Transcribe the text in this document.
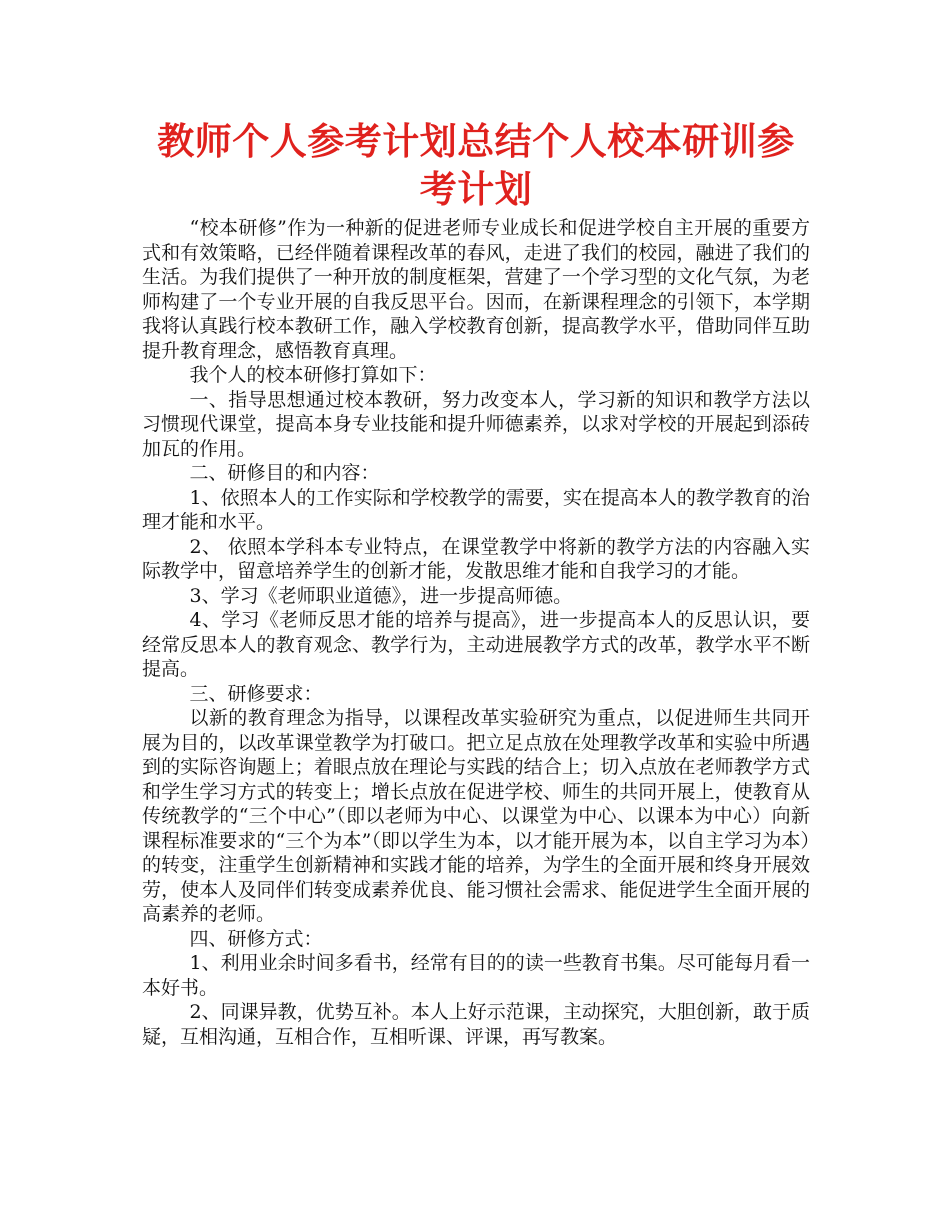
教师个人参考计划总结个人校本研训参考计划

“校本研修”作为一种新的促进老师专业成长和促进学校自主开展的重要方式和有效策略，已经伴随着课程改革的春风，走进了我们的校园，融进了我们的生活。为我们提供了一种开放的制度框架，营建了一个学习型的文化气氛，为老师构建了一个专业开展的自我反思平台。因而，在新课程理念的引领下，本学期我将认真践行校本教研工作，融入学校教育创新，提高教学水平，借助同伴互助提升教育理念，感悟教育真理。

我个人的校本研修打算如下：

一、指导思想通过校本教研，努力改变本人，学习新的知识和教学方法以习惯现代课堂，提高本身专业技能和提升师德素养，以求对学校的开展起到添砖加瓦的作用。

二、研修目的和内容：

1、依照本人的工作实际和学校教学的需要，实在提高本人的教学教育的治理才能和水平。

2、 依照本学科本专业特点，在课堂教学中将新的教学方法的内容融入实际教学中，留意培养学生的创新才能，发散思维才能和自我学习的才能。

3、学习《老师职业道德》，进一步提高师德。

4、学习《老师反思才能的培养与提高》，进一步提高本人的反思认识，要经常反思本人的教育观念、教学行为，主动进展教学方式的改革，教学水平不断提高。

三、研修要求：

以新的教育理念为指导，以课程改革实验研究为重点，以促进师生共同开展为目的，以改革课堂教学为打破口。把立足点放在处理教学改革和实验中所遇到的实际咨询题上；着眼点放在理论与实践的结合上；切入点放在老师教学方式和学生学习方式的转变上；增长点放在促进学校、师生的共同开展上，使教育从传统教学的“三个中心”（即以老师为中心、以课堂为中心、以课本为中心）向新课程标准要求的“三个为本”（即以学生为本，以才能开展为本，以自主学习为本）的转变，注重学生创新精神和实践才能的培养，为学生的全面开展和终身开展效劳，使本人及同伴们转变成素养优良、能习惯社会需求、能促进学生全面开展的高素养的老师。

四、研修方式：

1、利用业余时间多看书，经常有目的的读一些教育书集。尽可能每月看一本好书。

2、同课异教，优势互补。本人上好示范课，主动探究，大胆创新，敢于质疑，互相沟通，互相合作，互相听课、评课，再写教案。
